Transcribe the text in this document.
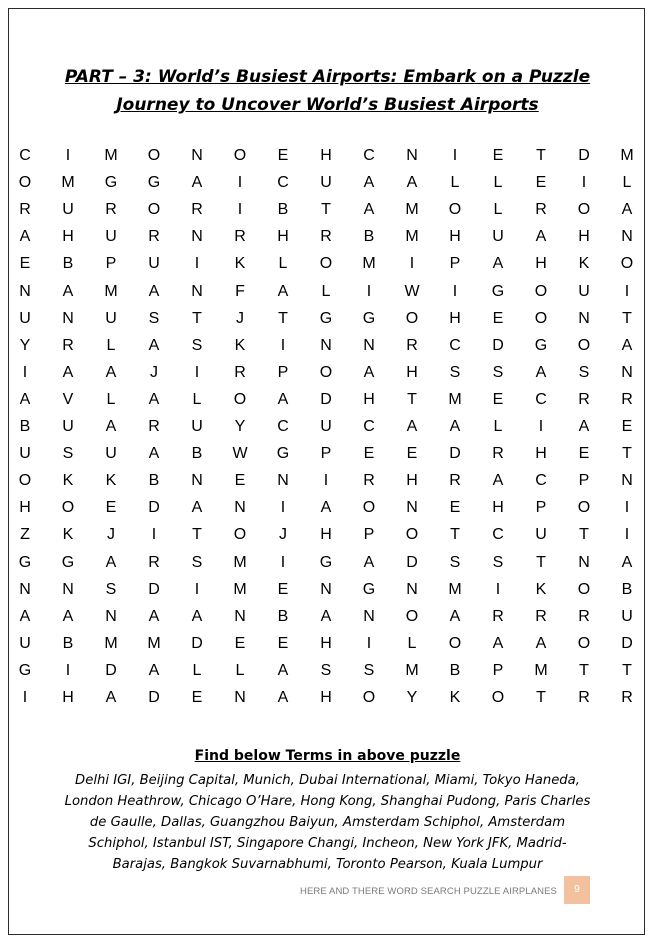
PART – 3: World’s Busiest Airports: Embark on a Puzzle
Journey to Uncover World’s Busiest Airports
C	I	M	O	N	O	E	H	C	N	I	E	T	D	M
O	M	G	G	A	I	C	U	A	A	L	L	E	I	L
R	U	R	O	R	I	B	T	A	M	O	L	R	O	A
A	H	U	R	N	R	H	R	B	M	H	U	A	H	N
E	B	P	U	I	K	L	O	M	I	P	A	H	K	O
N	A	M	A	N	F	A	L	I	W	I	G	O	U	I
U	N	U	S	T	J	T	G	G	O	H	E	O	N	T
Y	R	L	A	S	K	I	N	N	R	C	D	G	O	A
I	A	A	J	I	R	P	O	A	H	S	S	A	S	N
A	V	L	A	L	O	A	D	H	T	M	E	C	R	R
B	U	A	R	U	Y	C	U	C	A	A	L	I	A	E
U	S	U	A	B	W	G	P	E	E	D	R	H	E	T
O	K	K	B	N	E	N	I	R	H	R	A	C	P	N
H	O	E	D	A	N	I	A	O	N	E	H	P	O	I
Z	K	J	I	T	O	J	H	P	O	T	C	U	T	I
G	G	A	R	S	M	I	G	A	D	S	S	T	N	A
N	N	S	D	I	M	E	N	G	N	M	I	K	O	B
A	A	N	A	A	N	B	A	N	O	A	R	R	R	U
U	B	M	M	D	E	E	H	I	L	O	A	A	O	D
G	I	D	A	L	L	A	S	S	M	B	P	M	T	T
I	H	A	D	E	N	A	H	O	Y	K	O	T	R	R
Find below Terms in above puzzle
Delhi IGI, Beijing Capital, Munich, Dubai International, Miami, Tokyo Haneda,
London Heathrow, Chicago O’Hare, Hong Kong, Shanghai Pudong, Paris Charles
de Gaulle, Dallas, Guangzhou Baiyun, Amsterdam Schiphol, Amsterdam
Schiphol, Istanbul IST, Singapore Changi, Incheon, New York JFK, Madrid-
Barajas, Bangkok Suvarnabhumi, Toronto Pearson, Kuala Lumpur
HERE AND THERE WORD SEARCH PUZZLE AIRPLANES	9
